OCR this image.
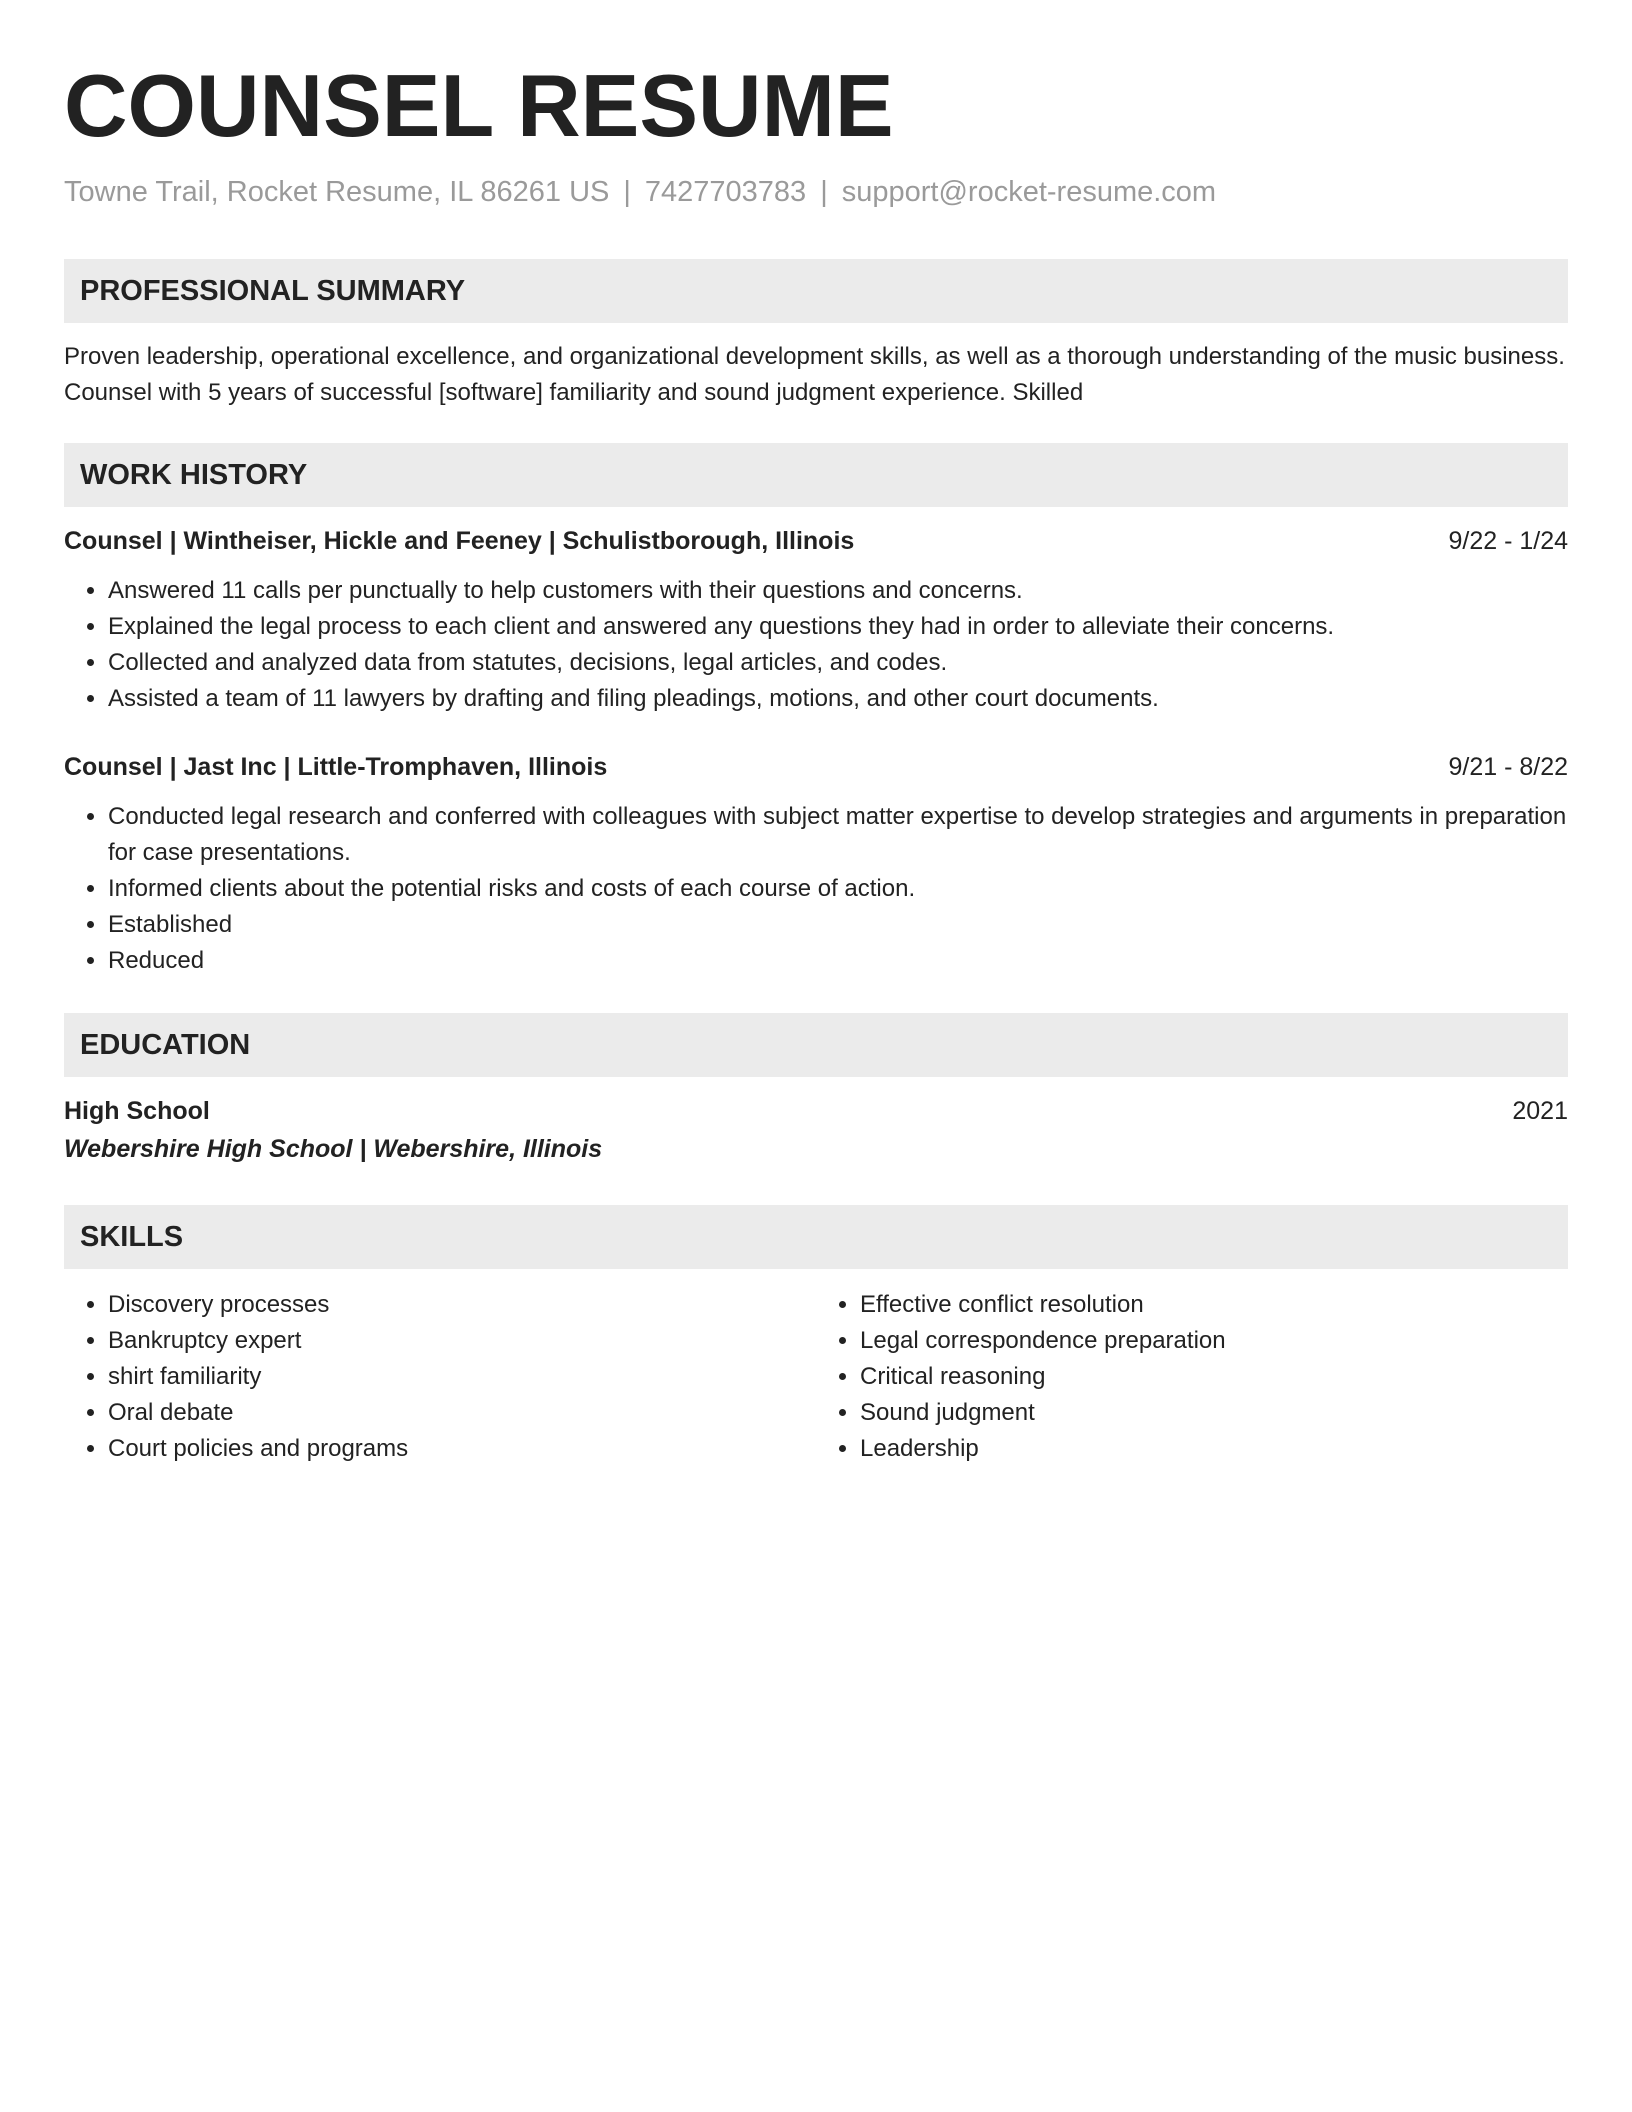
COUNSEL RESUME
Towne Trail, Rocket Resume, IL 86261 US | 7427703783 | support@rocket-resume.com
PROFESSIONAL SUMMARY
Proven leadership, operational excellence, and organizational development skills, as well as a thorough understanding of the music business. Counsel with 5 years of successful [software] familiarity and sound judgment experience. Skilled
WORK HISTORY
Counsel | Wintheiser, Hickle and Feeney | Schulistborough, Illinois	9/22 - 1/24
• Answered 11 calls per punctually to help customers with their questions and concerns.
• Explained the legal process to each client and answered any questions they had in order to alleviate their concerns.
• Collected and analyzed data from statutes, decisions, legal articles, and codes.
• Assisted a team of 11 lawyers by drafting and filing pleadings, motions, and other court documents.
Counsel | Jast Inc | Little-Tromphaven, Illinois	9/21 - 8/22
• Conducted legal research and conferred with colleagues with subject matter expertise to develop strategies and arguments in preparation for case presentations.
• Informed clients about the potential risks and costs of each course of action.
• Established
• Reduced
EDUCATION
High School	2021
Webershire High School | Webershire, Illinois
SKILLS
• Discovery processes
• Bankruptcy expert
• shirt familiarity
• Oral debate
• Court policies and programs
• Effective conflict resolution
• Legal correspondence preparation
• Critical reasoning
• Sound judgment
• Leadership
